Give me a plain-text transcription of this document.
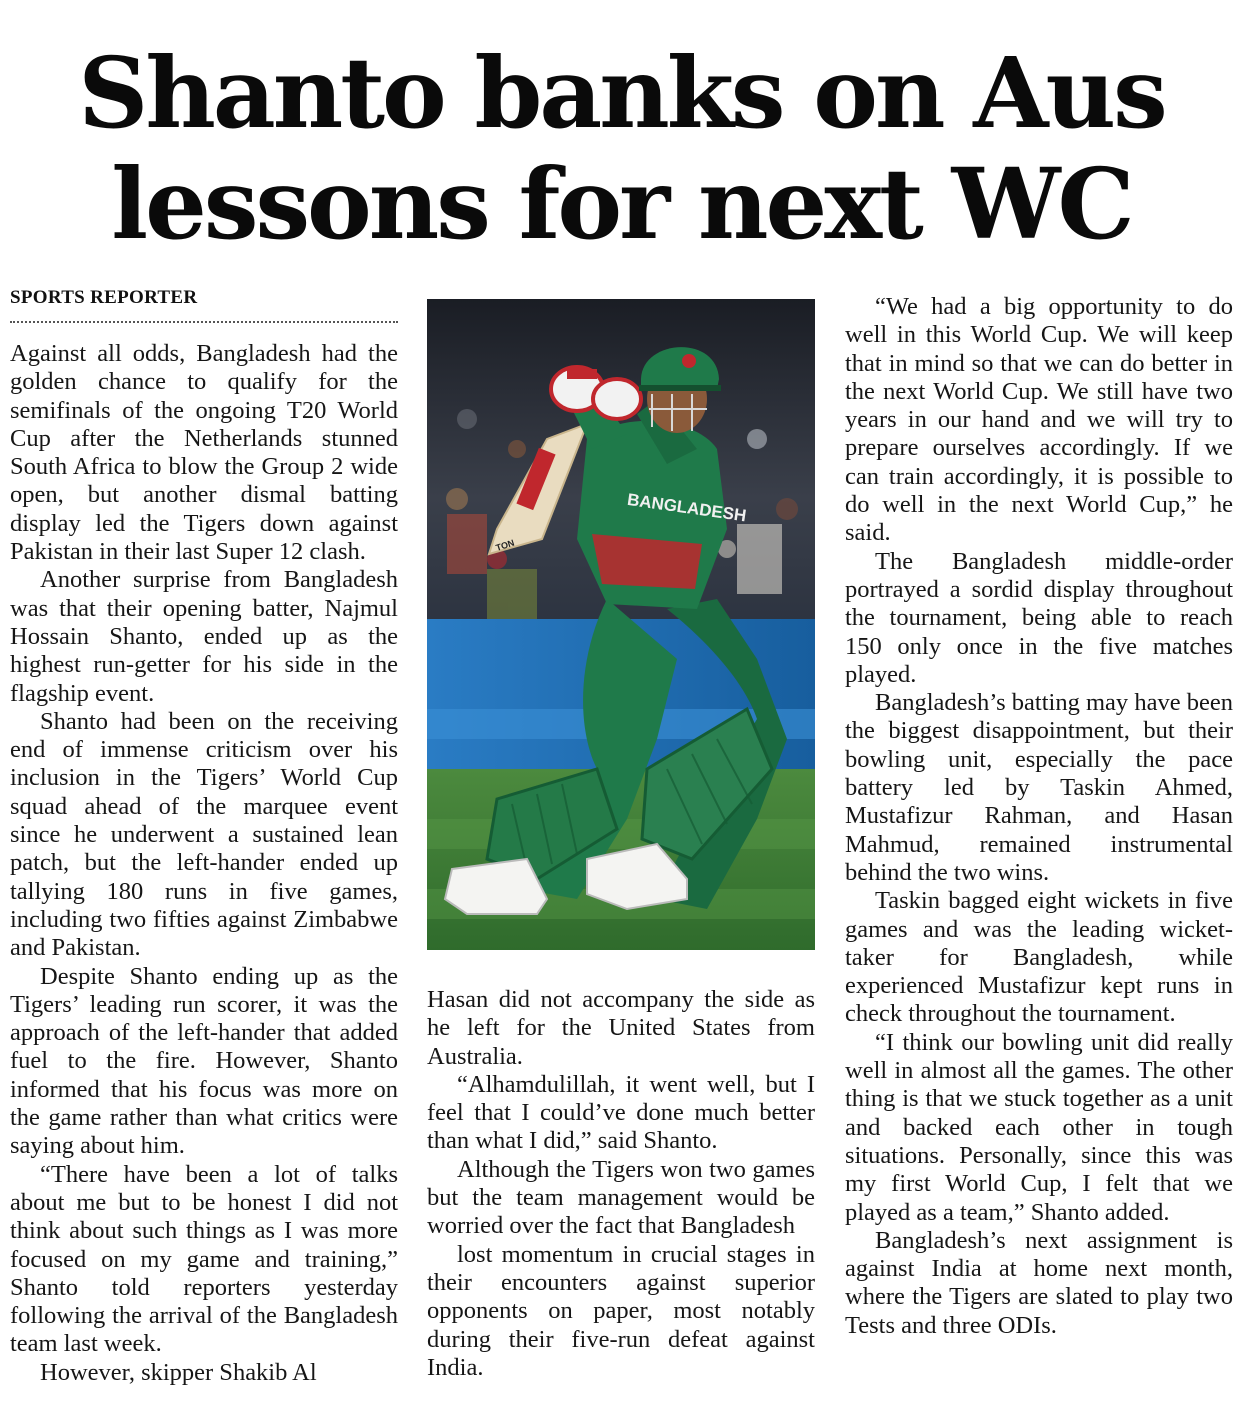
Shanto banks on Aus
lessons for next WC
SPORTS REPORTER

Against all odds, Bangladesh had the golden chance to qualify for the semifinals of the ongoing T20 World Cup after the Netherlands stunned South Africa to blow the Group 2 wide open, but another dismal batting display led the Tigers down against Pakistan in their last Super 12 clash.

Another surprise from Bangladesh was that their opening batter, Najmul Hossain Shanto, ended up as the highest run-getter for his side in the flagship event.

Shanto had been on the receiving end of immense criticism over his inclusion in the Tigers’ World Cup squad ahead of the marquee event since he underwent a sustained lean patch, but the left-hander ended up tallying 180 runs in five games, including two fifties against Zimbabwe and Pakistan.

Despite Shanto ending up as the Tigers’ leading run scorer, it was the approach of the left-hander that added fuel to the fire. However, Shanto informed that his focus was more on the game rather than what critics were saying about him.

“There have been a lot of talks about me but to be honest I did not think about such things as I was more focused on my game and training,” Shanto told reporters yesterday following the arrival of the Bangladesh team last week.

However, skipper Shakib Al

TON
BANGLADESH

Hasan did not accompany the side as he left for the United States from Australia.

“Alhamdulillah, it went well, but I feel that I could’ve done much better than what I did,” said Shanto.

Although the Tigers won two games but the team management would be worried over the fact that Bangladesh

lost momentum in crucial stages in their encounters against superior opponents on paper, most notably during their five-run defeat against India.

“We had a big opportunity to do well in this World Cup. We will keep that in mind so that we can do better in the next World Cup. We still have two years in our hand and we will try to prepare ourselves accordingly. If we can train accordingly, it is possible to do well in the next World Cup,” he said.

The Bangladesh middle-order portrayed a sordid display throughout the tournament, being able to reach 150 only once in the five matches played.

Bangladesh’s batting may have been the biggest disappointment, but their bowling unit, especially the pace battery led by Taskin Ahmed, Mustafizur Rahman, and Hasan Mahmud, remained instrumental behind the two wins.

Taskin bagged eight wickets in five games and was the leading wicket-taker for Bangladesh, while experienced Mustafizur kept runs in check throughout the tournament.

“I think our bowling unit did really well in almost all the games. The other thing is that we stuck together as a unit and backed each other in tough situations. Personally, since this was my first World Cup, I felt that we played as a team,” Shanto added.

Bangladesh’s next assignment is against India at home next month, where the Tigers are slated to play two Tests and three ODIs.
